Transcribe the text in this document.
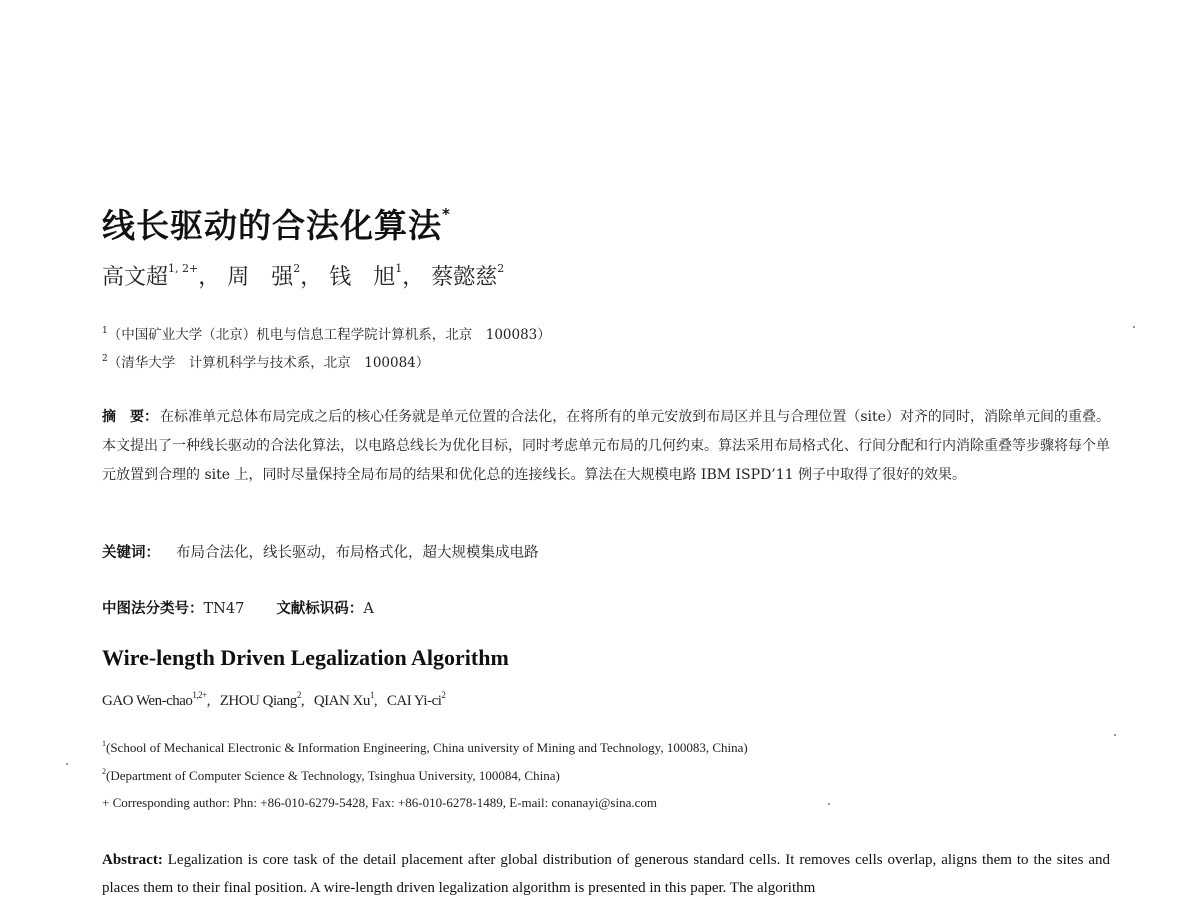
线长驱动的合法化算法*
高文超$^{1, 2+}$， 周　强$^2$， 钱　旭$^1$， 蔡懿慈$^2$
$^1$（中国矿业大学（北京）机电与信息工程学院计算机系，北京　100083）
$^2$（清华大学　计算机科学与技术系，北京　100084）
摘　要： 在标准单元总体布局完成之后的核心任务就是单元位置的合法化，在将所有的单元安放到布局区并且与合理位置（site）对齐的同时，消除单元间的重叠。本文提出了一种线长驱动的合法化算法，以电路总线长为优化目标，同时考虑单元布局的几何约束。算法采用布局格式化、行间分配和行内消除重叠等步骤将每个单元放置到合理的 site 上，同时尽量保持全局布局的结果和优化总的连接线长。算法在大规模电路 IBM ISPD’11 例子中取得了很好的效果。
关键词： 布局合法化，线长驱动，布局格式化，超大规模集成电路
中图法分类号：TN47 文献标识码：A
Wire-length Driven Legalization Algorithm
GAO Wen-chao$^{1,2+}$,   ZHOU Qiang$^2$,   QIAN Xu$^1$,   CAI $Yi-ci^2$
$^1$(School of Mechanical Electronic & Information Engineering, China university of Mining and Technology, 100083, China)
$^2$(Department of Computer Science & Technology, Tsinghua University, 100084, China)
+ Corresponding author: Phn: +86-010-6279-5428, Fax: +86-010-6278-1489, E-mail: conanayi@sina.com
Abstract: Legalization is core task of the detail placement after global distribution of generous standard cells. It removes cells overlap, aligns them to the sites and places them to their final position. A wire-length driven legalization algorithm is presented in this paper. The algorithm
